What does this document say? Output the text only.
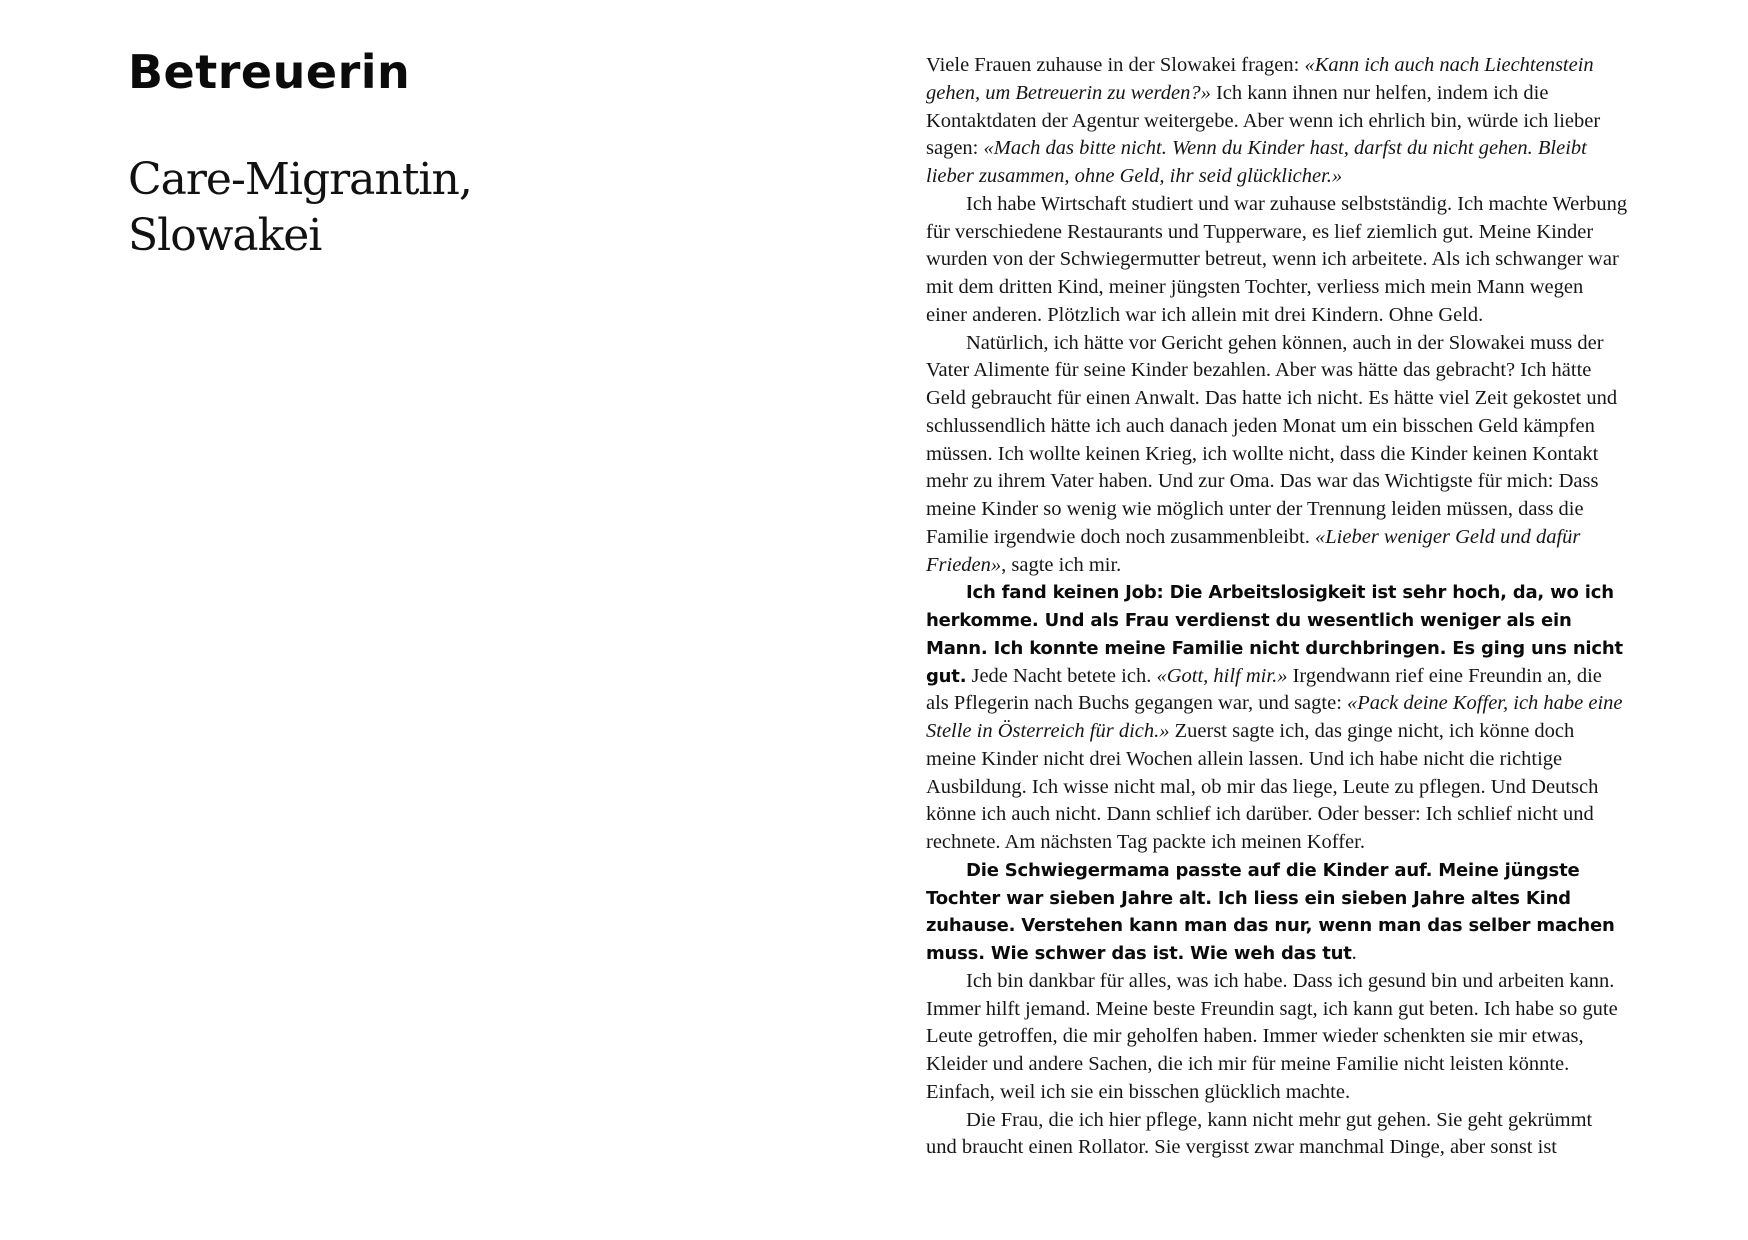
Betreuerin
Care-Migrantin,
Slowakei

Viele Frauen zuhause in der Slowakei fragen: «Kann ich auch nach Liechtenstein gehen, um Betreuerin zu werden?» Ich kann ihnen nur helfen, indem ich die Kontaktdaten der Agentur weitergebe. Aber wenn ich ehrlich bin, würde ich lieber sagen: «Mach das bitte nicht. Wenn du Kinder hast, darfst du nicht gehen. Bleibt lieber zusammen, ohne Geld, ihr seid glücklicher.»

Ich habe Wirtschaft studiert und war zuhause selbstständig. Ich machte Werbung für verschiedene Restaurants und Tupperware, es lief ziemlich gut. Meine Kinder wurden von der Schwiegermutter betreut, wenn ich arbeitete. Als ich schwanger war mit dem dritten Kind, meiner jüngsten Tochter, verliess mich mein Mann wegen einer anderen. Plötzlich war ich allein mit drei Kindern. Ohne Geld.

Natürlich, ich hätte vor Gericht gehen können, auch in der Slowakei muss der Vater Alimente für seine Kinder bezahlen. Aber was hätte das gebracht? Ich hätte Geld gebraucht für einen Anwalt. Das hatte ich nicht. Es hätte viel Zeit gekostet und schlussendlich hätte ich auch danach jeden Monat um ein bisschen Geld kämpfen müssen. Ich wollte keinen Krieg, ich wollte nicht, dass die Kinder keinen Kontakt mehr zu ihrem Vater haben. Und zur Oma. Das war das Wichtigste für mich: Dass meine Kinder so wenig wie möglich unter der Trennung leiden müssen, dass die Familie irgendwie doch noch zusammenbleibt. «Lieber weniger Geld und dafür Frieden», sagte ich mir.

Ich fand keinen Job: Die Arbeitslosigkeit ist sehr hoch, da, wo ich herkomme. Und als Frau verdienst du wesentlich weniger als ein Mann. Ich konnte meine Familie nicht durchbringen. Es ging uns nicht gut. Jede Nacht betete ich. «Gott, hilf mir.» Irgendwann rief eine Freundin an, die als Pflegerin nach Buchs gegangen war, und sagte: «Pack deine Koffer, ich habe eine Stelle in Österreich für dich.» Zuerst sagte ich, das ginge nicht, ich könne doch meine Kinder nicht drei Wochen allein lassen. Und ich habe nicht die richtige Ausbildung. Ich wisse nicht mal, ob mir das liege, Leute zu pflegen. Und Deutsch könne ich auch nicht. Dann schlief ich darüber. Oder besser: Ich schlief nicht und rechnete. Am nächsten Tag packte ich meinen Koffer.

Die Schwiegermama passte auf die Kinder auf. Meine jüngste Tochter war sieben Jahre alt. Ich liess ein sieben Jahre altes Kind zuhause. Verstehen kann man das nur, wenn man das selber machen muss. Wie schwer das ist. Wie weh das tut.

Ich bin dankbar für alles, was ich habe. Dass ich gesund bin und arbeiten kann. Immer hilft jemand. Meine beste Freundin sagt, ich kann gut beten. Ich habe so gute Leute getroffen, die mir geholfen haben. Immer wieder schenkten sie mir etwas, Kleider und andere Sachen, die ich mir für meine Familie nicht leisten könnte. Einfach, weil ich sie ein bisschen glücklich machte.

Die Frau, die ich hier pflege, kann nicht mehr gut gehen. Sie geht gekrümmt und braucht einen Rollator. Sie vergisst zwar manchmal Dinge, aber sonst ist
